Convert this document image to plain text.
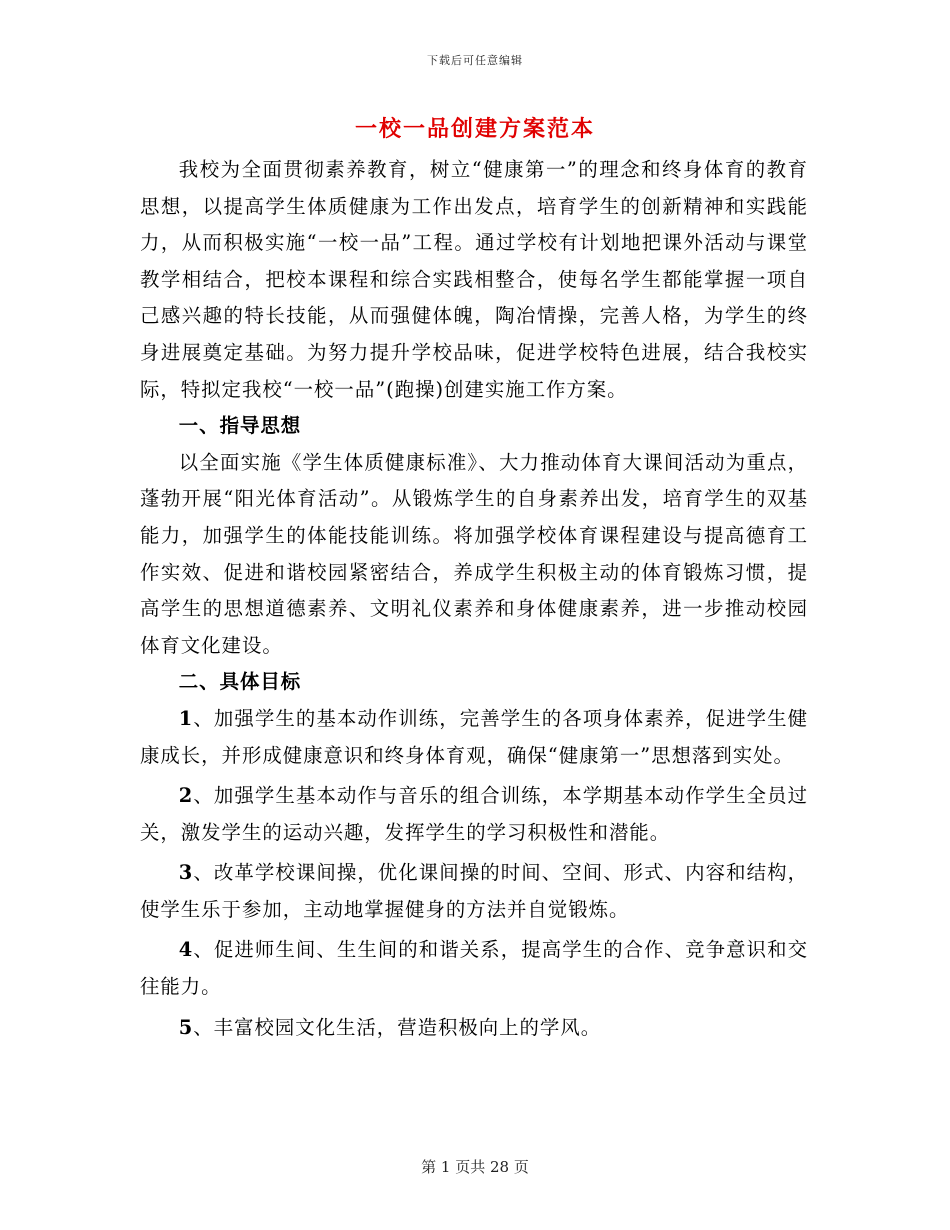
下载后可任意编辑
一校一品创建方案范本

我校为全面贯彻素养教育，树立“健康第一”的理念和终身体育的教育思想，以提高学生体质健康为工作出发点，培育学生的创新精神和实践能力，从而积极实施“一校一品”工程。通过学校有计划地把课外活动与课堂教学相结合，把校本课程和综合实践相整合，使每名学生都能掌握一项自己感兴趣的特长技能，从而强健体魄，陶冶情操，完善人格，为学生的终身进展奠定基础。为努力提升学校品味，促进学校特色进展，结合我校实际，特拟定我校“一校一品”(跑操)创建实施工作方案。

一、指导思想

以全面实施《学生体质健康标准》、大力推动体育大课间活动为重点，蓬勃开展“阳光体育活动”。从锻炼学生的自身素养出发，培育学生的双基能力，加强学生的体能技能训练。将加强学校体育课程建设与提高德育工作实效、促进和谐校园紧密结合，养成学生积极主动的体育锻炼习惯，提高学生的思想道德素养、文明礼仪素养和身体健康素养，进一步推动校园体育文化建设。

二、具体目标

1、加强学生的基本动作训练，完善学生的各项身体素养，促进学生健康成长，并形成健康意识和终身体育观，确保“健康第一”思想落到实处。

2、加强学生基本动作与音乐的组合训练，本学期基本动作学生全员过关，激发学生的运动兴趣，发挥学生的学习积极性和潜能。

3、改革学校课间操，优化课间操的时间、空间、形式、内容和结构，使学生乐于参加，主动地掌握健身的方法并自觉锻炼。

4、促进师生间、生生间的和谐关系，提高学生的合作、竞争意识和交往能力。

5、丰富校园文化生活，营造积极向上的学风。

第 1 页共 28 页
